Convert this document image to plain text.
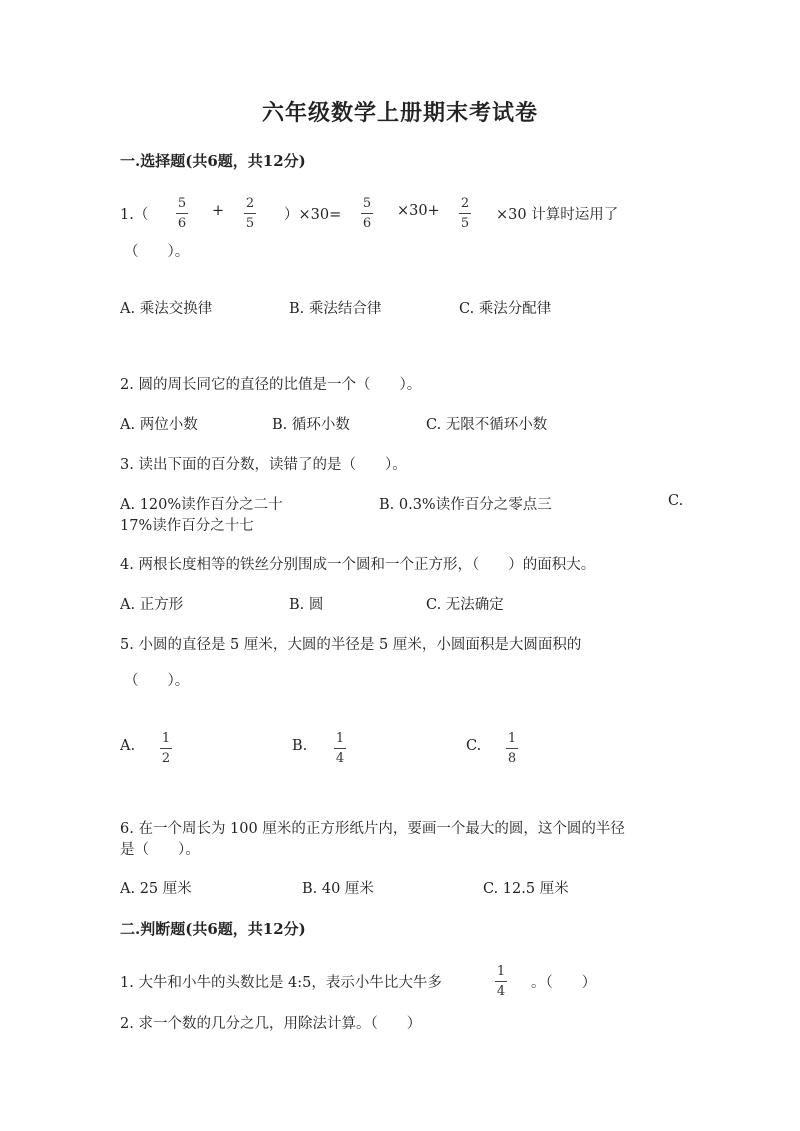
六年级数学上册期末考试卷
一.选择题(共6题，共12分)
1.（
5
6
+ 2
5
）×30=
5
6
×30+ 2
5
×30 计算时运用了
（　　）。
A. 乘法交换律	B. 乘法结合律	C. 乘法分配律
2. 圆的周长同它的直径的比值是一个（　　）。
A. 两位小数	B. 循环小数	C. 无限不循环小数
3. 读出下面的百分数，读错了的是（　　）。
A. 120%读作百分之二十	B. 0.3%读作百分之零点三	C.
17%读作百分之十七
4. 两根长度相等的铁丝分别围成一个圆和一个正方形，（　　）的面积大。
A. 正方形	B. 圆	C. 无法确定
5. 小圆的直径是 5 厘米，大圆的半径是 5 厘米，小圆面积是大圆面积的
（　　）。
A. 1
2
B. 1
4
C. 1
8
6. 在一个周长为 100 厘米的正方形纸片内，要画一个最大的圆，这个圆的半径
是（　　）。
A. 25 厘米	B. 40 厘米	C. 12.5 厘米
二.判断题(共6题，共12分)
1. 大牛和小牛的头数比是 4:5，表示小牛比大牛多
1
4
。（　　）
2. 求一个数的几分之几，用除法计算。（　　）
